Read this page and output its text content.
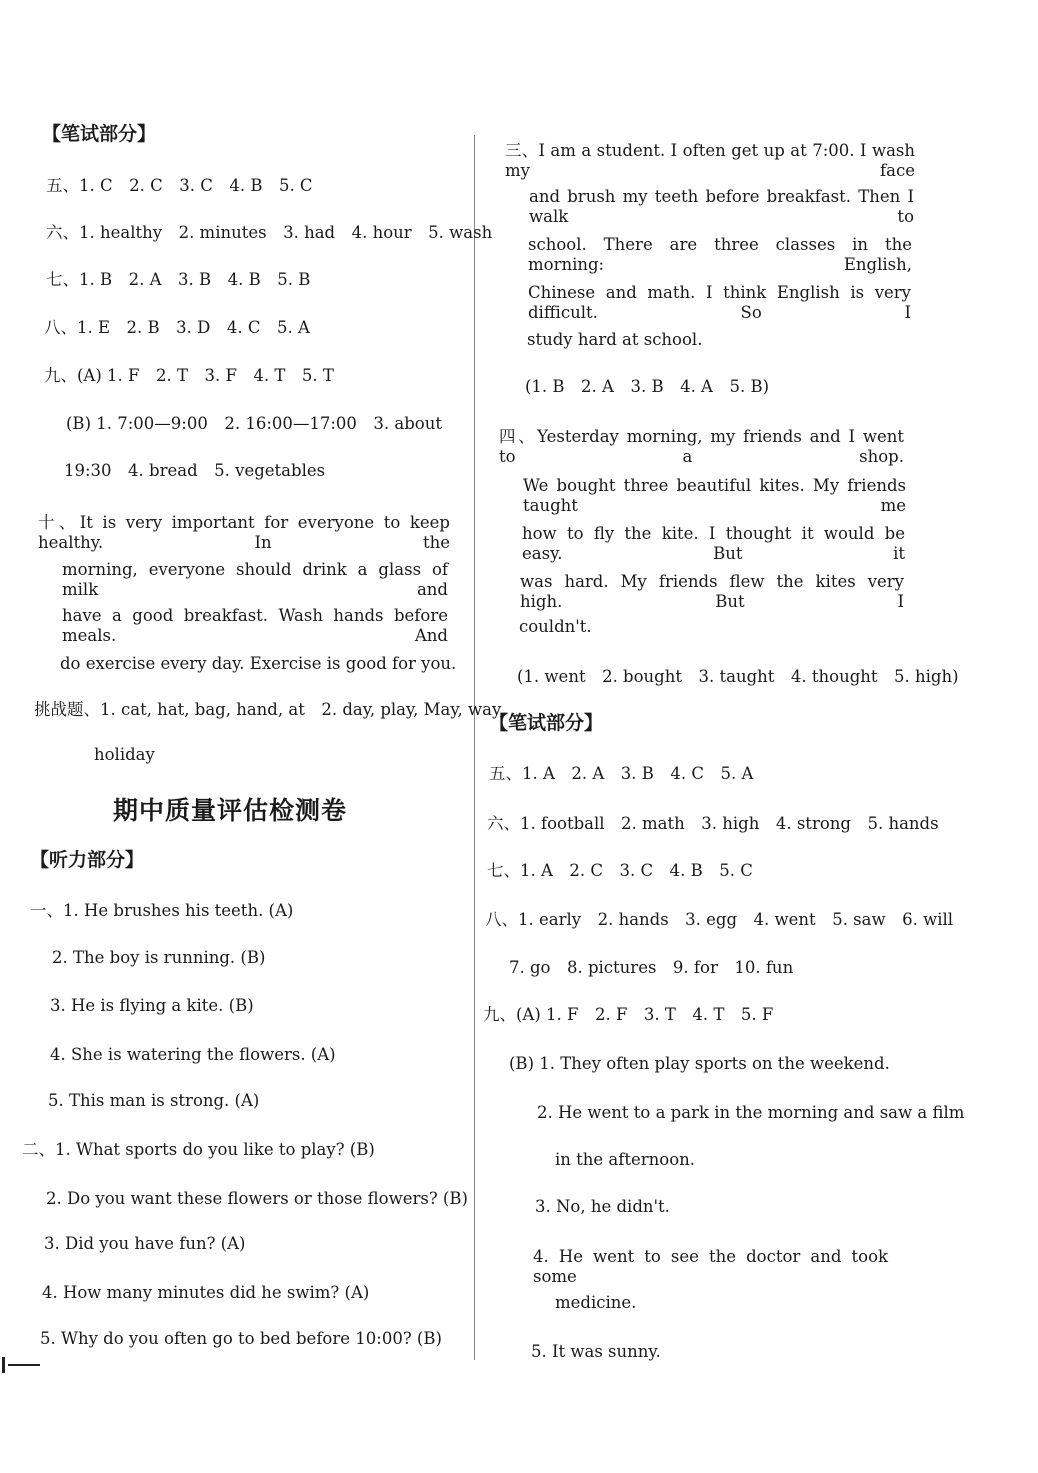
【笔试部分】
五、1. C　2. C　3. C　4. B　5. C
六、1. healthy　2. minutes　3. had　4. hour　5. wash
七、1. B　2. A　3. B　4. B　5. B
八、1. E　2. B　3. D　4. C　5. A
九、(A) 1. F　2. T　3. F　4. T　5. T
(B) 1. 7:00—9:00　2. 16:00—17:00　3. about
19:30　4. bread　5. vegetables
十、It is very important for everyone to keep healthy. In the
morning, everyone should drink a glass of milk and
have a good breakfast. Wash hands before meals. And
do exercise every day. Exercise is good for you.
挑战题、1. cat, hat, bag, hand, at　2. day, play, May, way,
holiday
期中质量评估检测卷
【听力部分】
一、1. He brushes his teeth. (A)
2. The boy is running. (B)
3. He is flying a kite. (B)
4. She is watering the flowers. (A)
5. This man is strong. (A)
二、1. What sports do you like to play? (B)
2. Do you want these flowers or those flowers? (B)
3. Did you have fun? (A)
4. How many minutes did he swim? (A)
5. Why do you often go to bed before 10:00? (B)
三、I am a student. I often get up at 7:00. I wash my face
and brush my teeth before breakfast. Then I walk to
school. There are three classes in the morning: English,
Chinese and math. I think English is very difficult. So I
study hard at school.
(1. B　2. A　3. B　4. A　5. B)
四、Yesterday morning, my friends and I went to a shop.
We bought three beautiful kites. My friends taught me
how to fly the kite. I thought it would be easy. But it
was hard. My friends flew the kites very high. But I
couldn't.
(1. went　2. bought　3. taught　4. thought　5. high)
【笔试部分】
五、1. A　2. A　3. B　4. C　5. A
六、1. football　2. math　3. high　4. strong　5. hands
七、1. A　2. C　3. C　4. B　5. C
八、1. early　2. hands　3. egg　4. went　5. saw　6. will
7. go　8. pictures　9. for　10. fun
九、(A) 1. F　2. F　3. T　4. T　5. F
(B) 1. They often play sports on the weekend.
2. He went to a park in the morning and saw a film
in the afternoon.
3. No, he didn't.
4. He went to see the doctor and took some
medicine.
5. It was sunny.
